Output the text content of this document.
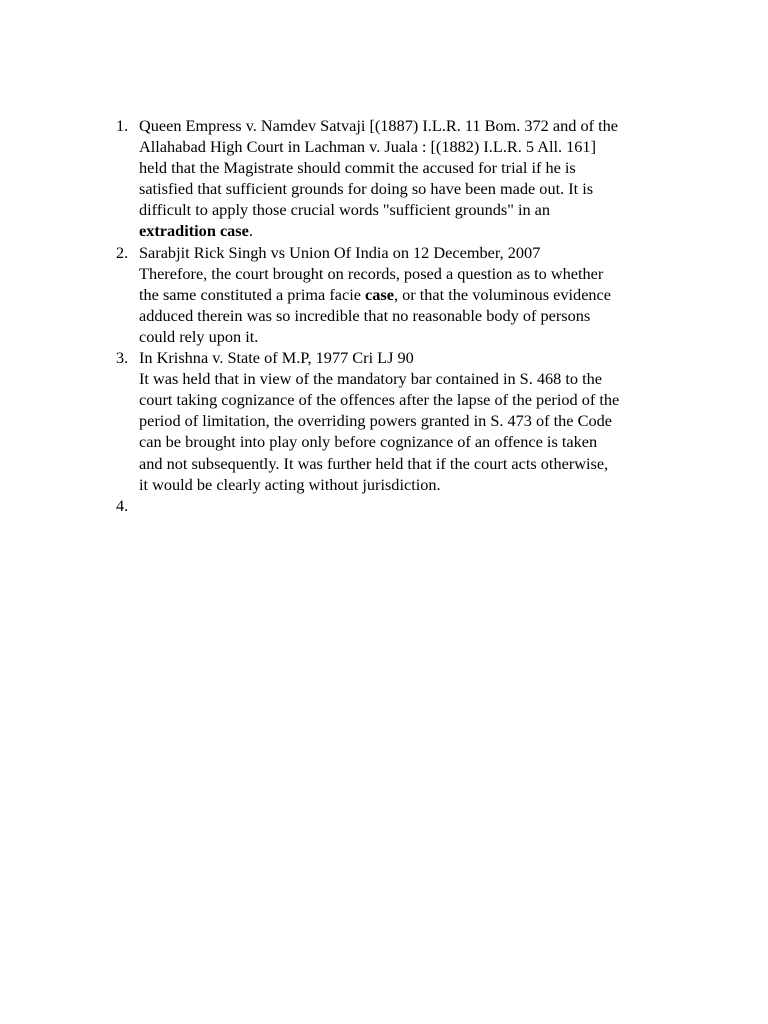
1. Queen Empress v. Namdev Satvaji [(1887) I.L.R. 11 Bom. 372 and of the
Allahabad High Court in Lachman v. Juala : [(1882) I.L.R. 5 All. 161]
held that the Magistrate should commit the accused for trial if he is
satisfied that sufficient grounds for doing so have been made out. It is
difficult to apply those crucial words "sufficient grounds" in an
extradition case.
2. Sarabjit Rick Singh vs Union Of India on 12 December, 2007
Therefore, the court brought on records, posed a question as to whether
the same constituted a prima facie case, or that the voluminous evidence
adduced therein was so incredible that no reasonable body of persons
could rely upon it.
3. In Krishna v. State of M.P, 1977 Cri LJ 90
It was held that in view of the mandatory bar contained in S. 468 to the
court taking cognizance of the offences after the lapse of the period of the
period of limitation, the overriding powers granted in S. 473 of the Code
can be brought into play only before cognizance of an offence is taken
and not subsequently. It was further held that if the court acts otherwise,
it would be clearly acting without jurisdiction.
4.
